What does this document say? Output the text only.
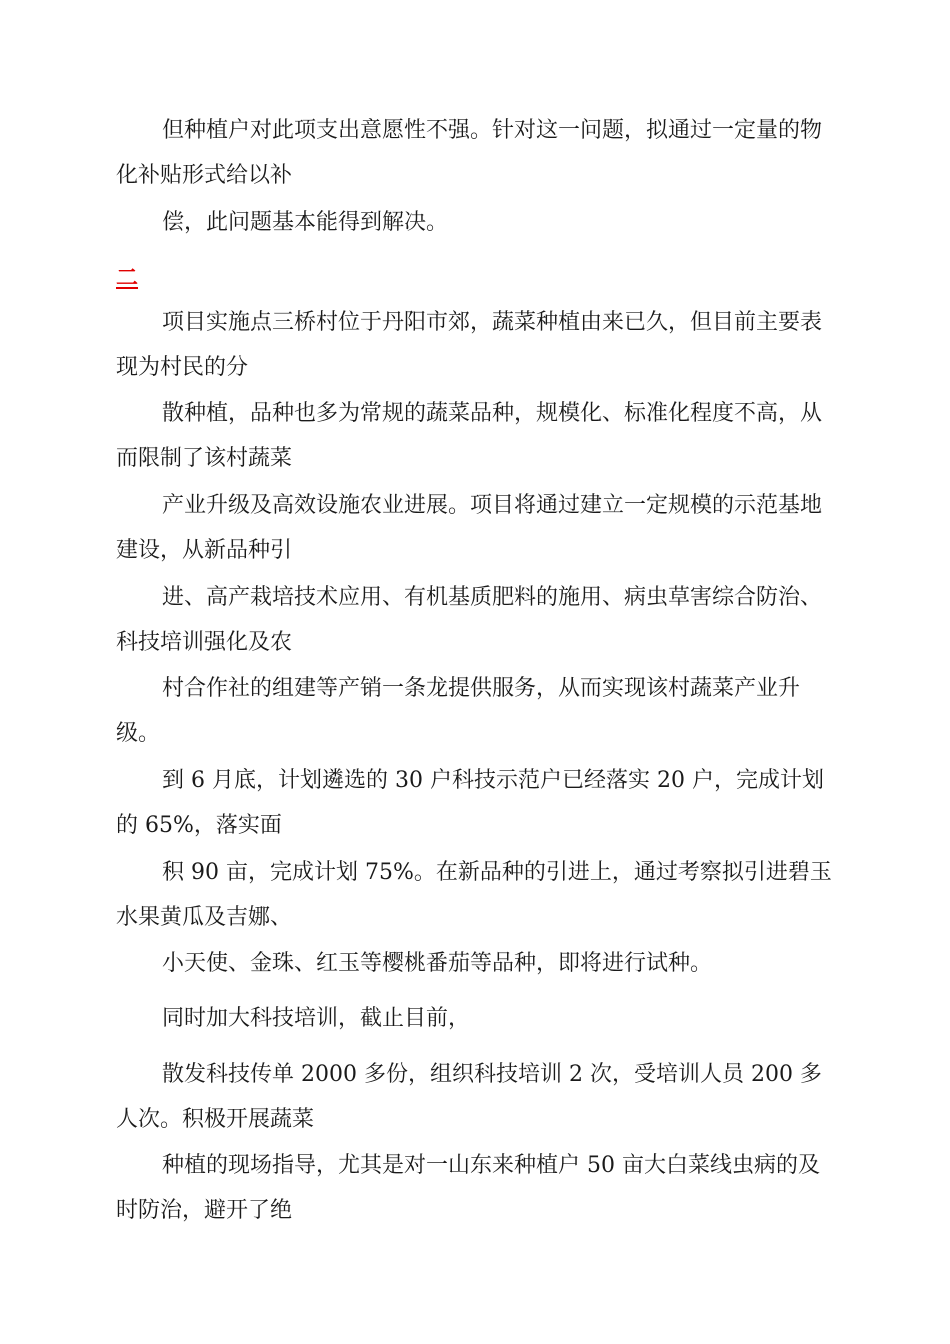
但种植户对此项支出意愿性不强。针对这一问题，拟通过一定量的物化补贴形式给以补

偿，此问题基本能得到解决。

二

项目实施点三桥村位于丹阳市郊，蔬菜种植由来已久，但目前主要表现为村民的分

散种植，品种也多为常规的蔬菜品种，规模化、标准化程度不高，从而限制了该村蔬菜

产业升级及高效设施农业进展。项目将通过建立一定规模的示范基地建设，从新品种引

进、高产栽培技术应用、有机基质肥料的施用、病虫草害综合防治、科技培训强化及农

村合作社的组建等产销一条龙提供服务，从而实现该村蔬菜产业升级。

到 6 月底，计划遴选的 30 户科技示范户已经落实 20 户，完成计划的 65%，落实面

积 90 亩，完成计划 75%。在新品种的引进上，通过考察拟引进碧玉水果黄瓜及吉娜、

小天使、金珠、红玉等樱桃番茄等品种，即将进行试种。

同时加大科技培训，截止目前，

散发科技传单 2000 多份，组织科技培训 2 次，受培训人员 200 多人次。积极开展蔬菜

种植的现场指导，尤其是对一山东来种植户 50 亩大白菜线虫病的及时防治，避开了绝
